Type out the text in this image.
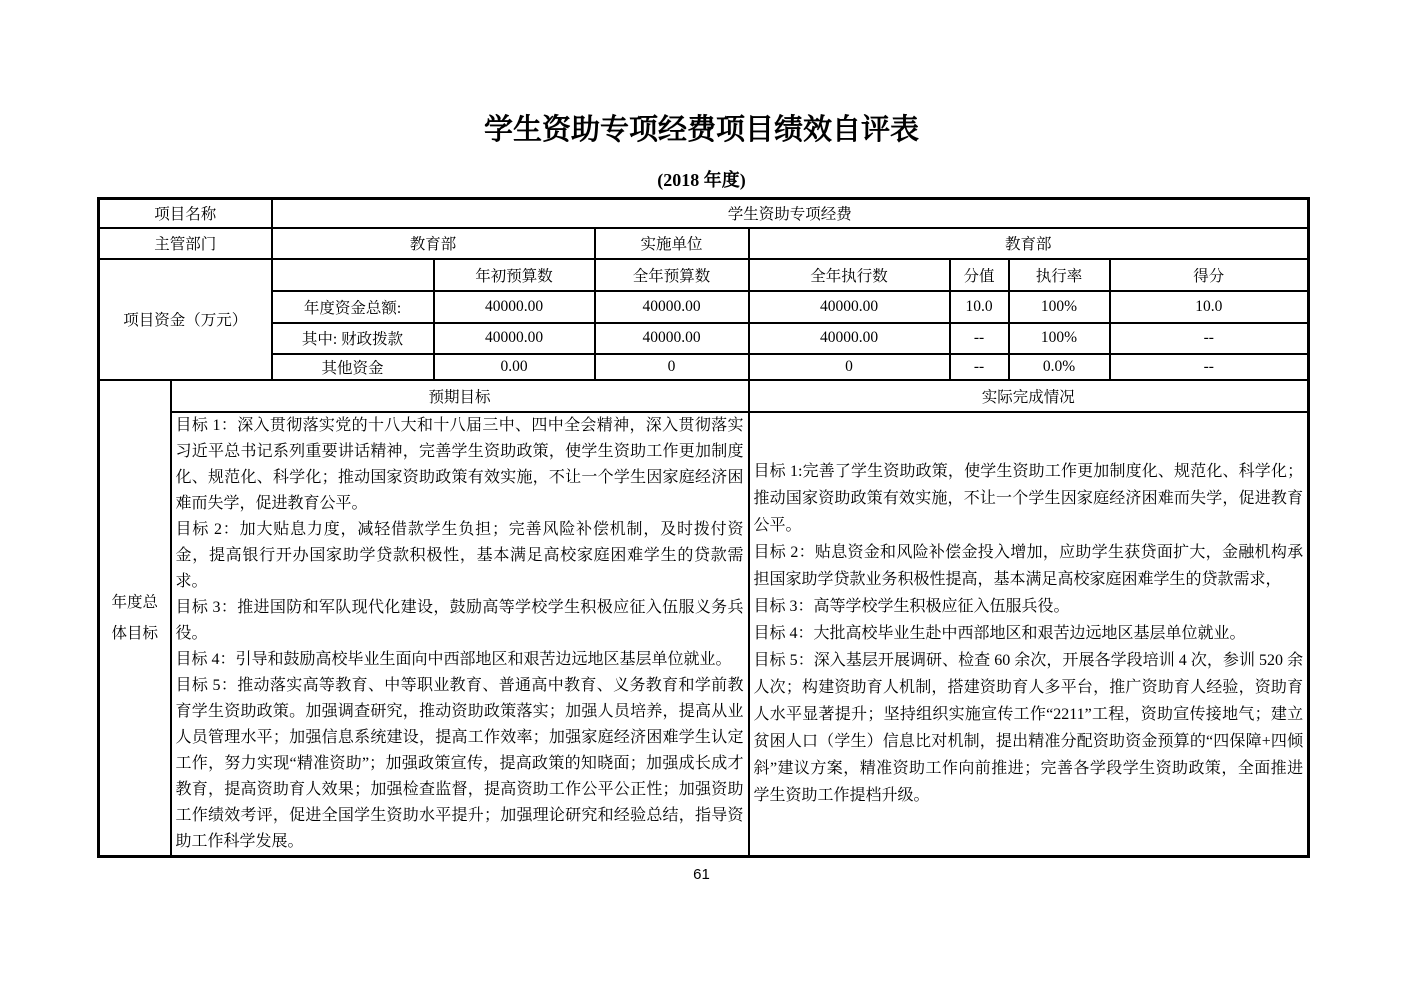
学生资助专项经费项目绩效自评表
(2018 年度)
项目名称		学生资助专项经费						
主管部门		教育部		实施单位	教育部			
项目资金（万元）			年初预算数	全年预算数	全年执行数	分值	执行率	得分
		年度资金总额:	40000.00	40000.00	40000.00	10.0	100%	10.0
		其中: 财政拨款	40000.00	40000.00	40000.00	--	100%	--
		其他资金	0.00	0	0	--	0.0%	--
年度总体目标	预期目标				实际完成情况			

目标 1：深入贯彻落实党的十八大和十八届三中、四中全会精神，深入贯彻落实习近平总书记系列重要讲话精神，完善学生资助政策，使学生资助工作更加制度化、规范化、科学化；推动国家资助政策有效实施，不让一个学生因家庭经济困难而失学，促进教育公平。

目标 2：加大贴息力度，减轻借款学生负担；完善风险补偿机制，及时拨付资金，提高银行开办国家助学贷款积极性，基本满足高校家庭困难学生的贷款需求。

目标 3：推进国防和军队现代化建设，鼓励高等学校学生积极应征入伍服义务兵役。

目标 4：引导和鼓励高校毕业生面向中西部地区和艰苦边远地区基层单位就业。

目标 5：推动落实高等教育、中等职业教育、普通高中教育、义务教育和学前教育学生资助政策。加强调查研究，推动资助政策落实；加强人员培养，提高从业人员管理水平；加强信息系统建设，提高工作效率；加强家庭经济困难学生认定工作，努力实现“精准资助”；加强政策宣传，提高政策的知晓面；加强成长成才教育，提高资助育人效果；加强检查监督，提高资助工作公平公正性；加强资助工作绩效考评，促进全国学生资助水平提升；加强理论研究和经验总结，指导资助工作科学发展。

目标 1:完善了学生资助政策，使学生资助工作更加制度化、规范化、科学化；推动国家资助政策有效实施，不让一个学生因家庭经济困难而失学，促进教育公平。

目标 2：贴息资金和风险补偿金投入增加，应助学生获贷面扩大，金融机构承担国家助学贷款业务积极性提高，基本满足高校家庭困难学生的贷款需求，

目标 3：高等学校学生积极应征入伍服兵役。

目标 4：大批高校毕业生赴中西部地区和艰苦边远地区基层单位就业。

目标 5：深入基层开展调研、检查 60 余次，开展各学段培训 4 次，参训 520 余人次；构建资助育人机制，搭建资助育人多平台，推广资助育人经验，资助育人水平显著提升；坚持组织实施宣传工作“2211”工程，资助宣传接地气；建立贫困人口（学生）信息比对机制，提出精准分配资助资金预算的“四保障+四倾斜”建议方案，精准资助工作向前推进；完善各学段学生资助政策，全面推进学生资助工作提档升级。

61
